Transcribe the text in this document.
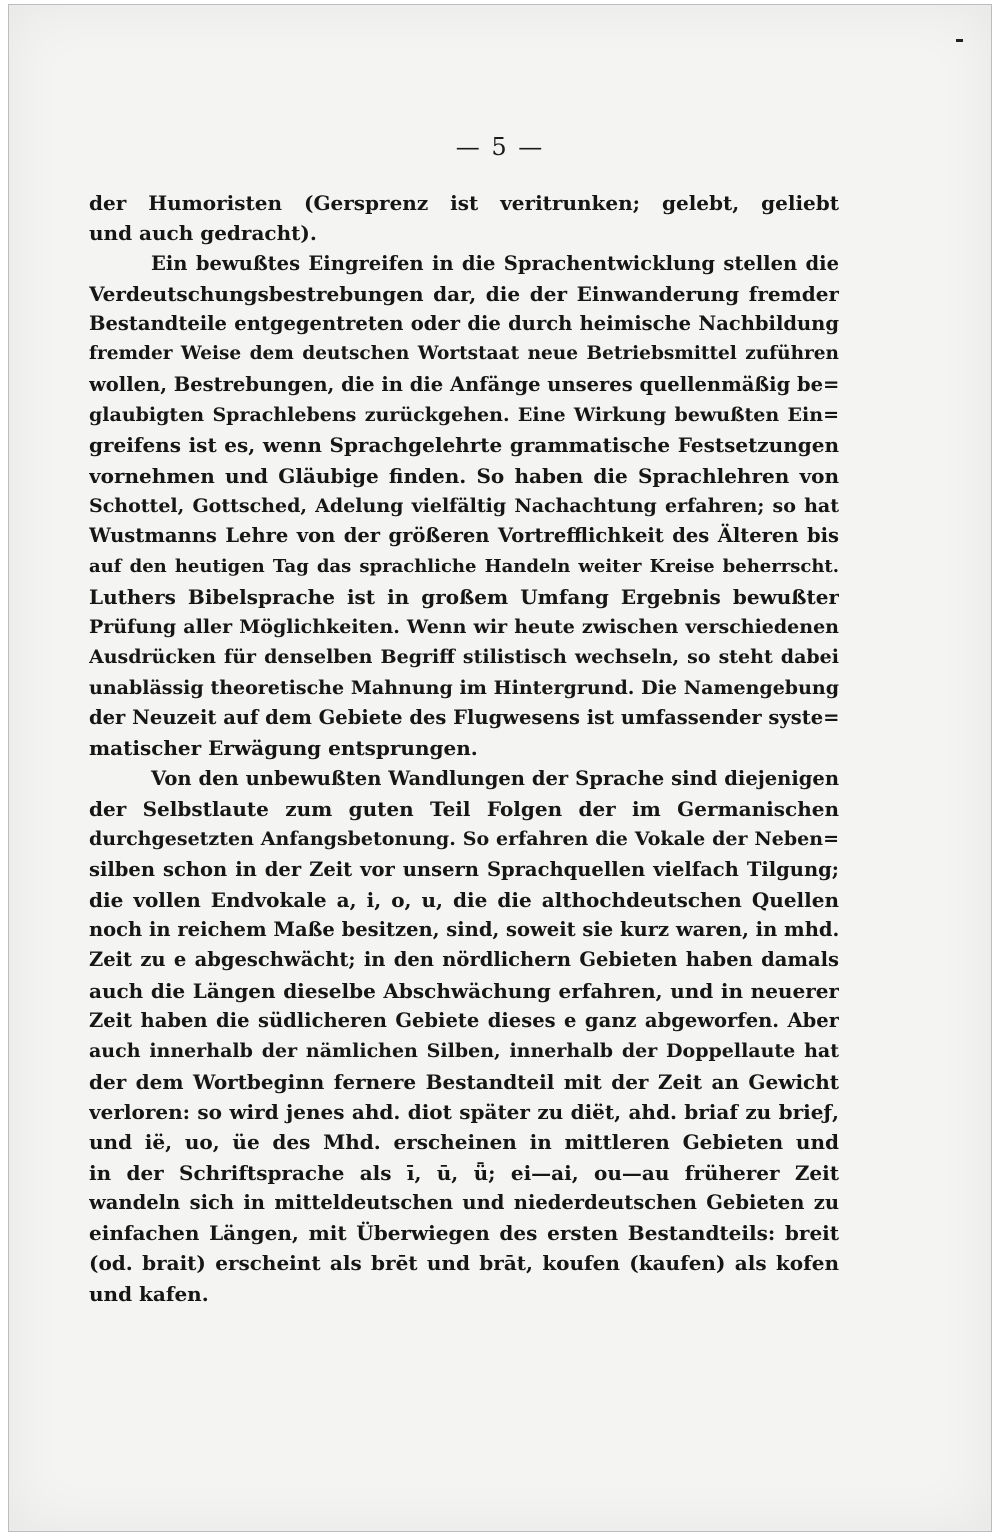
— 5 —
der Humoristen (Gersprenz ist veritrunken; gelebt, geliebt
und auch gedracht).
Ein bewußtes Eingreifen in die Sprachentwicklung stellen die
Verdeutschungsbestrebungen dar, die der Einwanderung fremder
Bestandteile entgegentreten oder die durch heimische Nachbildung
fremder Weise dem deutschen Wortstaat neue Betriebsmittel zuführen
wollen, Bestrebungen, die in die Anfänge unseres quellenmäßig be=
glaubigten Sprachlebens zurückgehen. Eine Wirkung bewußten Ein=
greifens ist es, wenn Sprachgelehrte grammatische Festsetzungen
vornehmen und Gläubige finden. So haben die Sprachlehren von
Schottel, Gottsched, Adelung vielfältig Nachachtung erfahren; so hat
Wustmanns Lehre von der größeren Vortrefflichkeit des Älteren bis
auf den heutigen Tag das sprachliche Handeln weiter Kreise beherrscht.
Luthers Bibelsprache ist in großem Umfang Ergebnis bewußter
Prüfung aller Möglichkeiten. Wenn wir heute zwischen verschiedenen
Ausdrücken für denselben Begriff stilistisch wechseln, so steht dabei
unablässig theoretische Mahnung im Hintergrund. Die Namengebung
der Neuzeit auf dem Gebiete des Flugwesens ist umfassender syste=
matischer Erwägung entsprungen.
Von den unbewußten Wandlungen der Sprache sind diejenigen
der Selbstlaute zum guten Teil Folgen der im Germanischen
durchgesetzten Anfangsbetonung. So erfahren die Vokale der Neben=
silben schon in der Zeit vor unsern Sprachquellen vielfach Tilgung;
die vollen Endvokale a, i, o, u, die die althochdeutschen Quellen
noch in reichem Maße besitzen, sind, soweit sie kurz waren, in mhd.
Zeit zu e abgeschwächt; in den nördlichern Gebieten haben damals
auch die Längen dieselbe Abschwächung erfahren, und in neuerer
Zeit haben die südlicheren Gebiete dieses e ganz abgeworfen. Aber
auch innerhalb der nämlichen Silben, innerhalb der Doppellaute hat
der dem Wortbeginn fernere Bestandteil mit der Zeit an Gewicht
verloren: so wird jenes ahd. diot später zu diët, ahd. briaf zu brieƒ,
und ië, uo, üe des Mhd. erscheinen in mittleren Gebieten und
in der Schriftsprache als ī, ū, ǖ; ei—ai, ou—au früherer Zeit
wandeln sich in mitteldeutschen und niederdeutschen Gebieten zu
einfachen Längen, mit Überwiegen des ersten Bestandteils: breit
(od. brait) erscheint als brēt und brāt, koufen (kaufen) als kofen
und kafen.
